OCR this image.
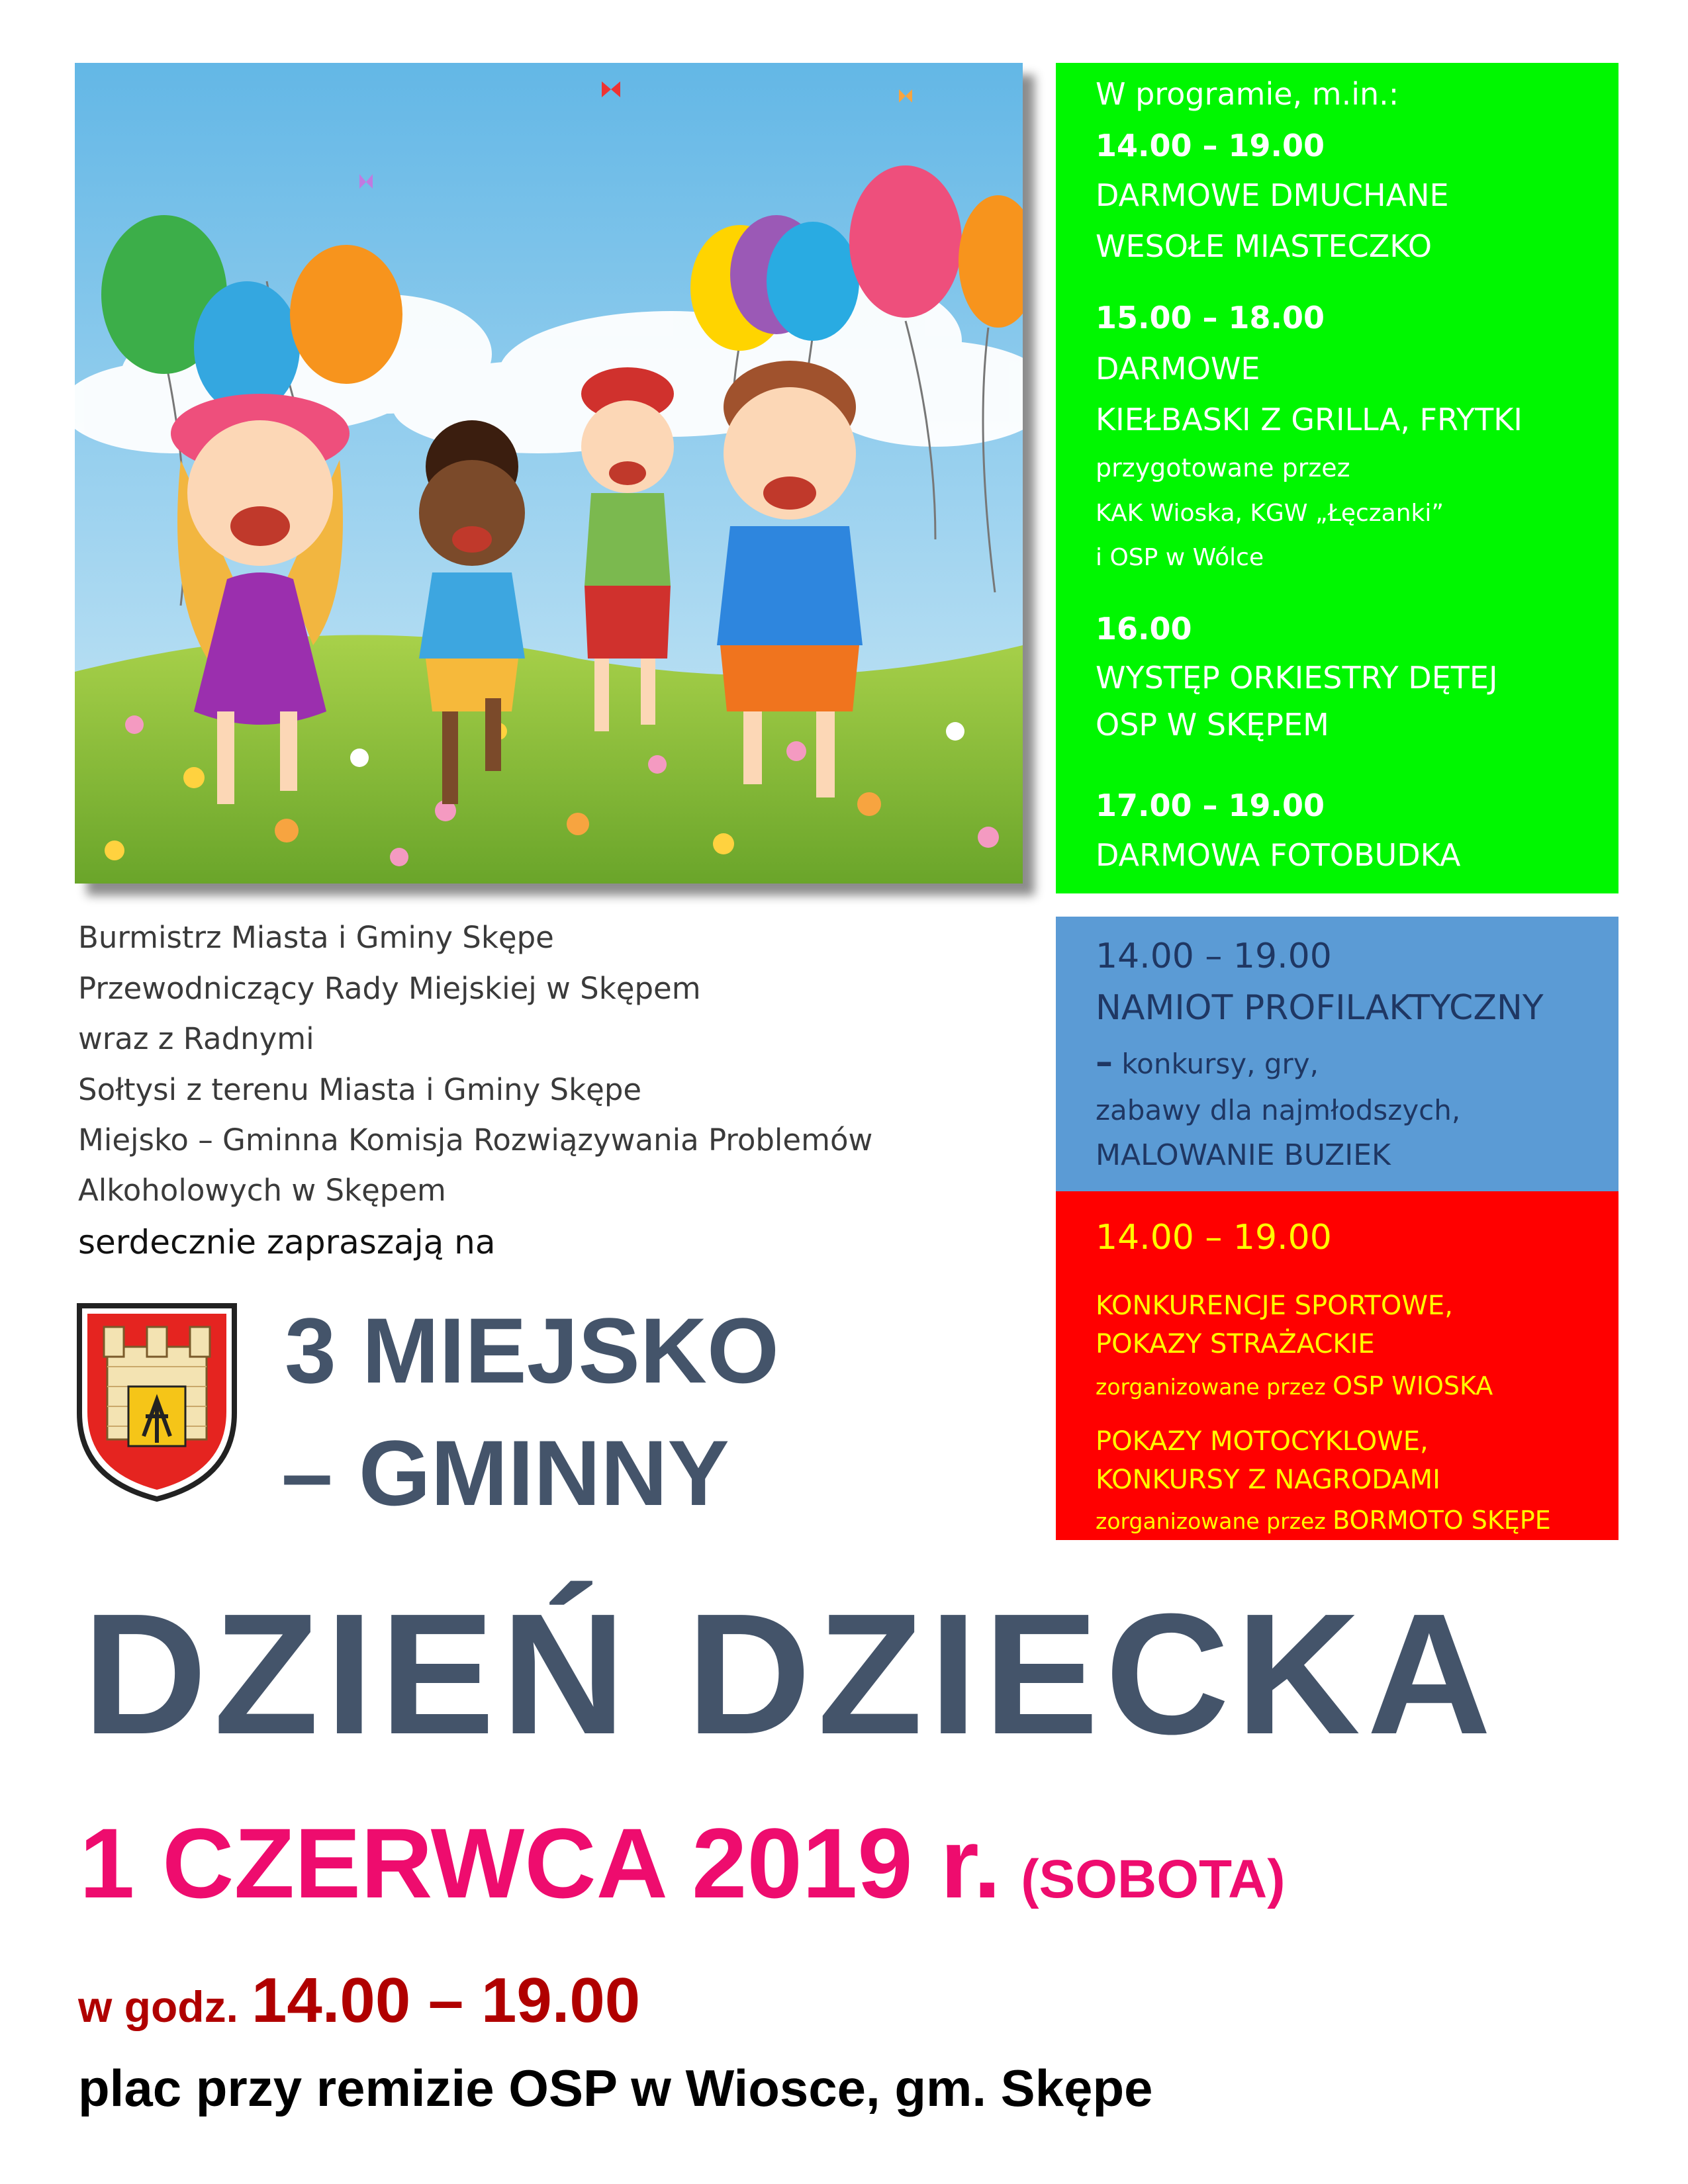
W programie, m.in.:
14.00 – 19.00
DARMOWE DMUCHANE
WESOŁE MIASTECZKO
15.00 – 18.00
DARMOWE
KIEŁBASKI Z GRILLA, FRYTKI
przygotowane przez
KAK Wioska, KGW „Łęczanki”
i OSP w Wólce
16.00
WYSTĘP ORKIESTRY DĘTEJ
OSP W SKĘPEM
17.00 – 19.00
DARMOWA FOTOBUDKA
14.00 – 19.00
NAMIOT PROFILAKTYCZNY
– konkursy, gry,
zabawy dla najmłodszych,
MALOWANIE BUZIEK
14.00 – 19.00
KONKURENCJE SPORTOWE,
POKAZY STRAŻACKIE
zorganizowane przez OSP WIOSKA
POKAZY MOTOCYKLOWE,
KONKURSY Z NAGRODAMI
zorganizowane przez BORMOTO SKĘPE
Burmistrz Miasta i Gminy Skępe
Przewodniczący Rady Miejskiej w Skępem
wraz z Radnymi
Sołtysi z terenu Miasta i Gminy Skępe
Miejsko – Gminna Komisja Rozwiązywania Problemów
Alkoholowych w Skępem
serdecznie zapraszają na
3 MIEJSKO
– GMINNY
DZIEŃ DZIECKA
1 CZERWCA 2019 r. (SOBOTA)
w godz. 14.00 – 19.00
plac przy remizie OSP w Wiosce, gm. Skępe
